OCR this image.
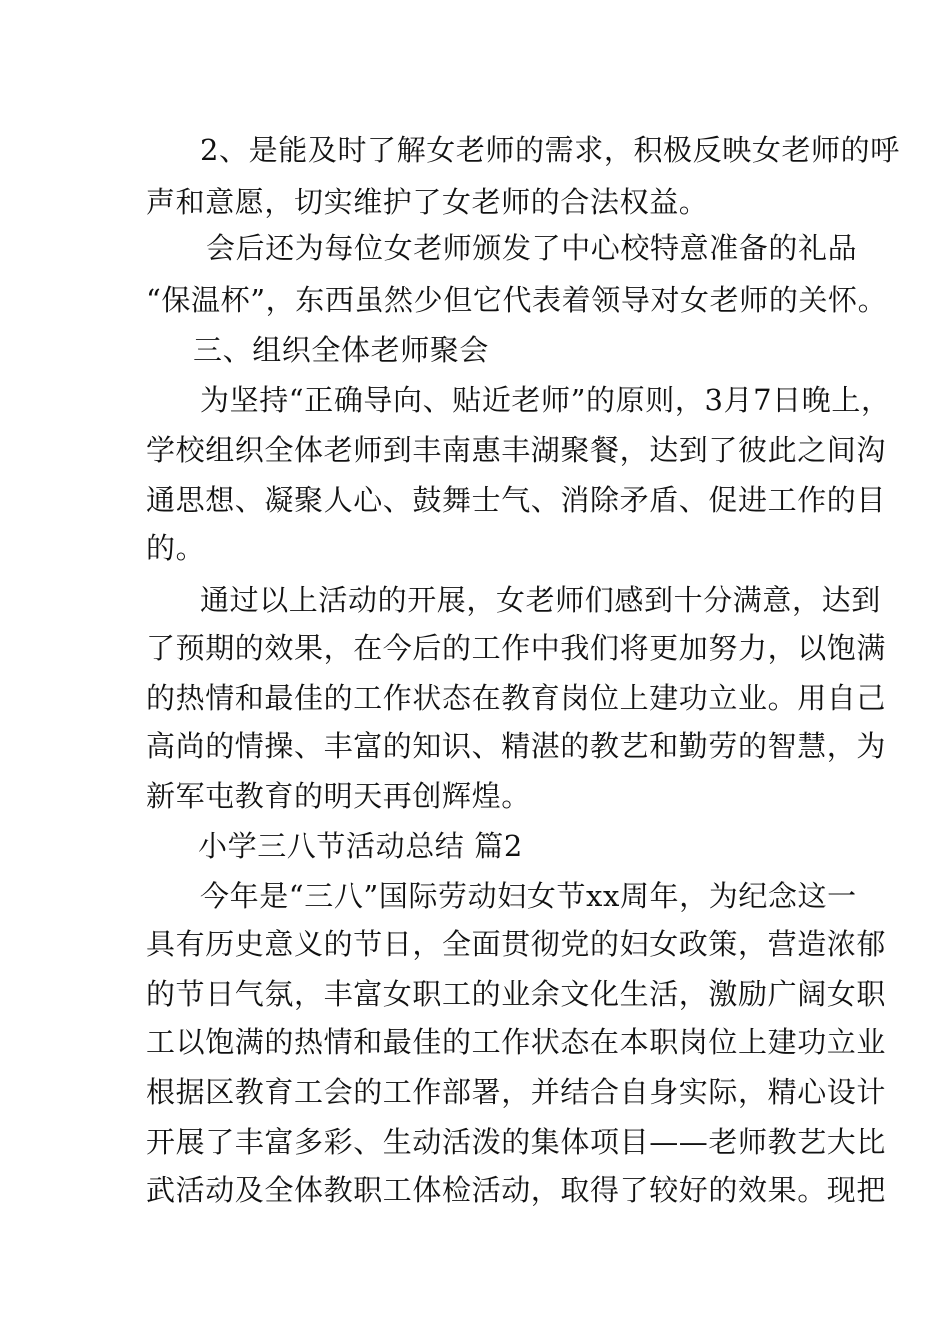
2、是能及时了解女老师的需求，积极反映女老师的呼
声和意愿，切实维护了女老师的合法权益。
会后还为每位女老师颁发了中心校特意准备的礼品
“保温杯”，东西虽然少但它代表着领导对女老师的关怀。
三、组织全体老师聚会
为坚持“正确导向、贴近老师”的原则，3月7日晚上，
学校组织全体老师到丰南惠丰湖聚餐，达到了彼此之间沟
通思想、凝聚人心、鼓舞士气、消除矛盾、促进工作的目
的。
通过以上活动的开展，女老师们感到十分满意，达到
了预期的效果，在今后的工作中我们将更加努力，以饱满
的热情和最佳的工作状态在教育岗位上建功立业。用自己
高尚的情操、丰富的知识、精湛的教艺和勤劳的智慧，为
新军屯教育的明天再创辉煌。
小学三八节活动总结 篇2
今年是“三八”国际劳动妇女节xx周年，为纪念这一
具有历史意义的节日，全面贯彻党的妇女政策，营造浓郁
的节日气氛，丰富女职工的业余文化生活，激励广阔女职
工以饱满的热情和最佳的工作状态在本职岗位上建功立业
根据区教育工会的工作部署，并结合自身实际，精心设计
开展了丰富多彩、生动活泼的集体项目——老师教艺大比
武活动及全体教职工体检活动，取得了较好的效果。现把
